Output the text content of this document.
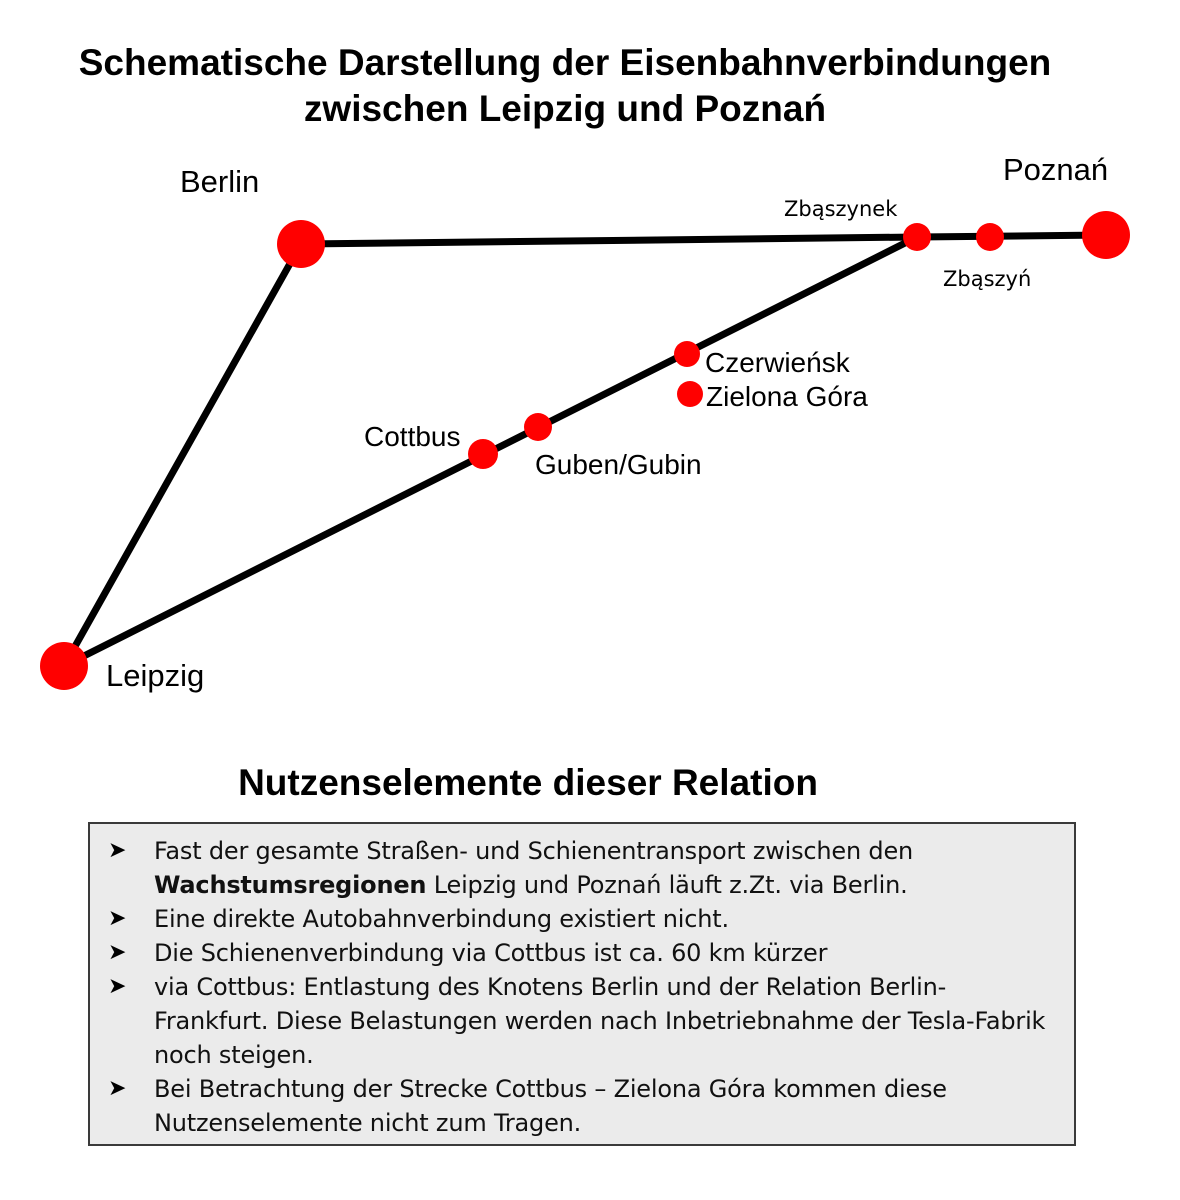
Schematische Darstellung der Eisenbahnverbindungen
zwischen Leipzig und Poznań
Berlin	Poznań
Leipzig
Zbąszynek
Zbąszyń
Czerwieńsk
Zielona Góra
Cottbus
Guben/Gubin
Nutzenselemente dieser Relation
➤ Fast der gesamte Straßen- und Schienentransport zwischen den Wachstumsregionen Leipzig und Poznań läuft z.Zt. via Berlin.
➤ Eine direkte Autobahnverbindung existiert nicht.
➤ Die Schienenverbindung via Cottbus ist ca. 60 km kürzer
➤ via Cottbus: Entlastung des Knotens Berlin und der Relation Berlin-Frankfurt. Diese Belastungen werden nach Inbetriebnahme der Tesla-Fabrik noch steigen.
➤ Bei Betrachtung der Strecke Cottbus – Zielona Góra kommen diese Nutzenselemente nicht zum Tragen.
